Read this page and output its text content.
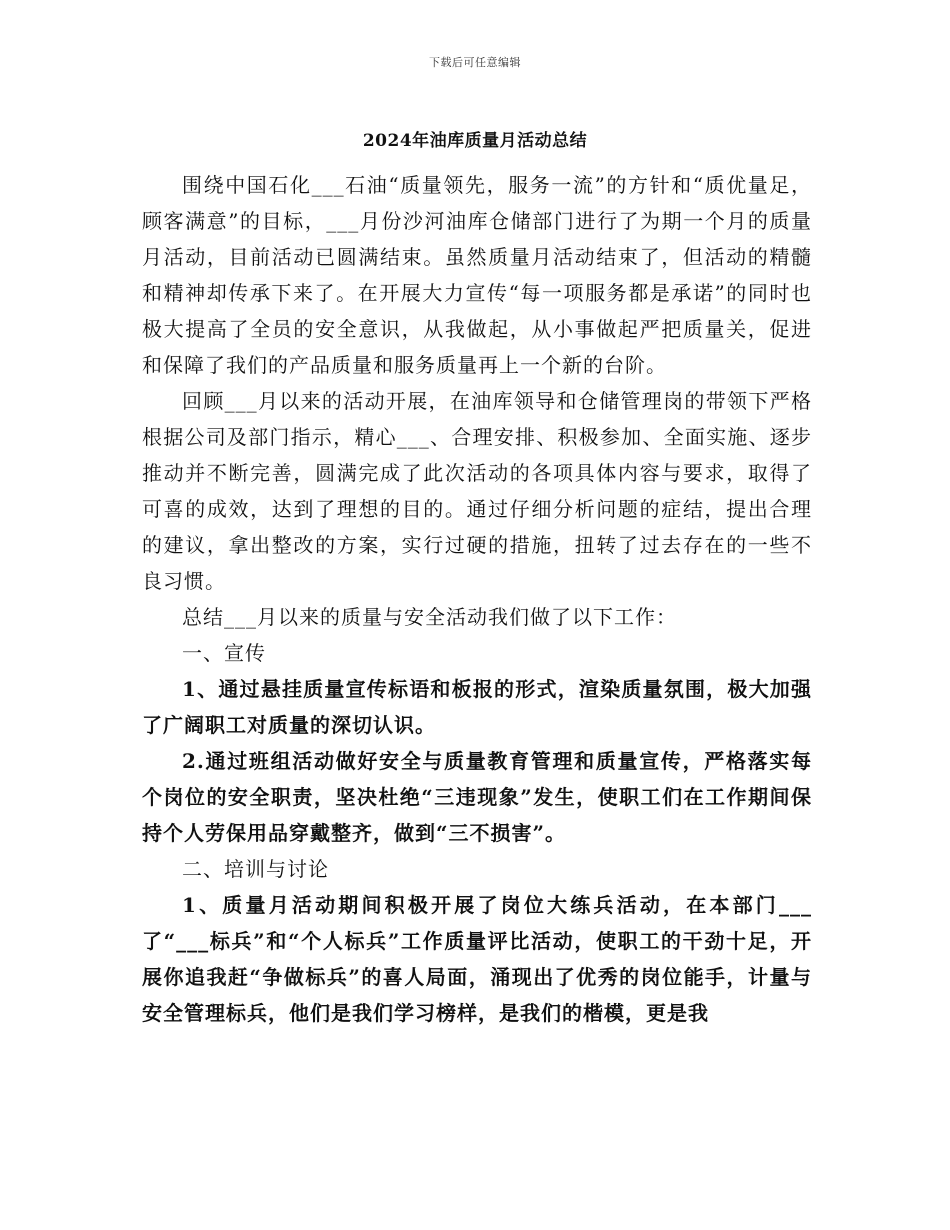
下载后可任意编辑
2024年油库质量月活动总结

围绕中国石化___石油“质量领先，服务一流”的方针和“质优量足，顾客满意”的目标，___月份沙河油库仓储部门进行了为期一个月的质量月活动，目前活动已圆满结束。虽然质量月活动结束了，但活动的精髓和精神却传承下来了。在开展大力宣传“每一项服务都是承诺”的同时也极大提高了全员的安全意识，从我做起，从小事做起严把质量关，促进和保障了我们的产品质量和服务质量再上一个新的台阶。

回顾___月以来的活动开展，在油库领导和仓储管理岗的带领下严格根据公司及部门指示，精心___、合理安排、积极参加、全面实施、逐步推动并不断完善，圆满完成了此次活动的各项具体内容与要求，取得了可喜的成效，达到了理想的目的。通过仔细分析问题的症结，提出合理的建议，拿出整改的方案，实行过硬的措施，扭转了过去存在的一些不良习惯。

总结___月以来的质量与安全活动我们做了以下工作：

一、宣传

1、通过悬挂质量宣传标语和板报的形式，渲染质量氛围，极大加强了广阔职工对质量的深切认识。

2.通过班组活动做好安全与质量教育管理和质量宣传，严格落实每个岗位的安全职责，坚决杜绝“三违现象”发生，使职工们在工作期间保持个人劳保用品穿戴整齐，做到“三不损害”。

二、培训与讨论

1、质量月活动期间积极开展了岗位大练兵活动，在本部门___了“___标兵”和“个人标兵”工作质量评比活动，使职工的干劲十足，开展你追我赶“争做标兵”的喜人局面，涌现出了优秀的岗位能手，计量与安全管理标兵，他们是我们学习榜样，是我们的楷模，更是我
